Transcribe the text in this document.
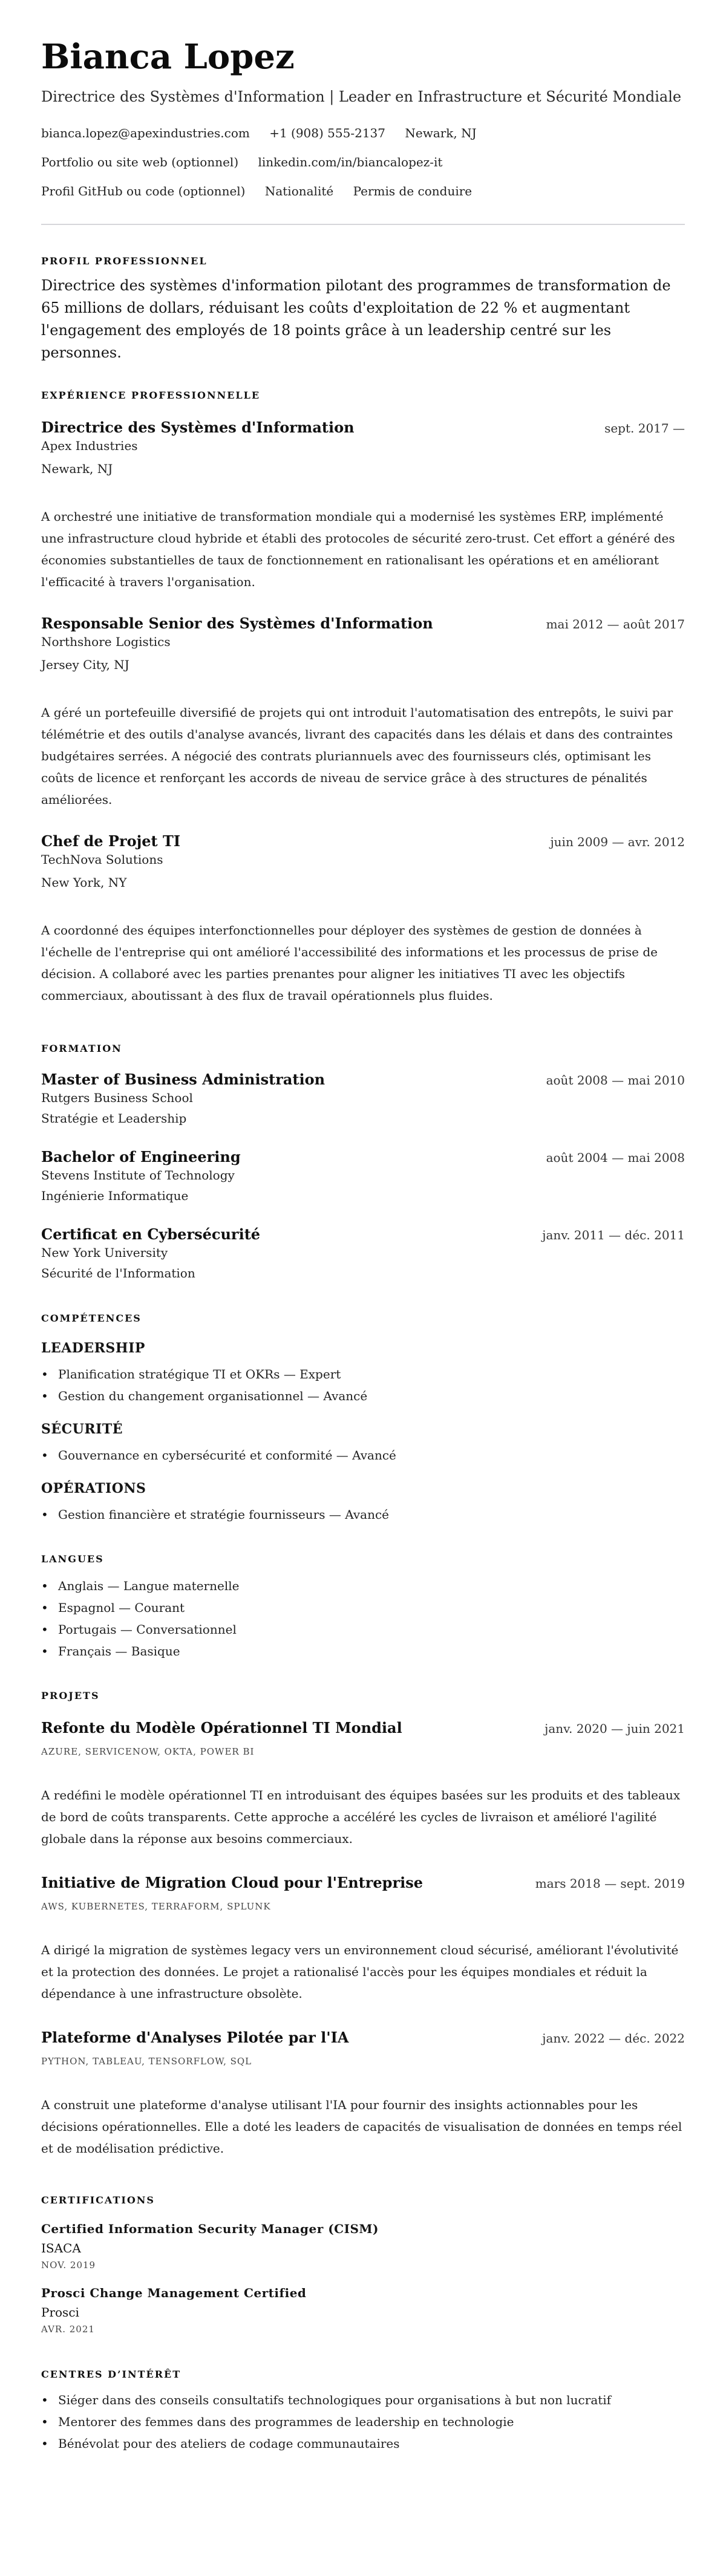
Bianca Lopez
Directrice des Systèmes d'Information | Leader en Infrastructure et Sécurité Mondiale
bianca.lopez@apexindustries.com +1 (908) 555-2137 Newark, NJ
Portfolio ou site web (optionnel) linkedin.com/in/biancalopez-it
Profil GitHub ou code (optionnel) Nationalité Permis de conduire
PROFIL PROFESSIONNEL

Directrice des systèmes d'information pilotant des programmes de transformation de 65 millions de dollars, réduisant les coûts d'exploitation de 22 % et augmentant l'engagement des employés de 18 points grâce à un leadership centré sur les personnes.

EXPÉRIENCE PROFESSIONNELLE
Directrice des Systèmes d'Information	sept. 2017 —
Apex Industries
Newark, NJ
A orchestré une initiative de transformation mondiale qui a modernisé les systèmes ERP, implémenté une infrastructure cloud hybride et établi des protocoles de sécurité zero-trust. Cet effort a généré des économies substantielles de taux de fonctionnement en rationalisant les opérations et en améliorant l'efficacité à travers l'organisation.
Responsable Senior des Systèmes d'Information	mai 2012 — août 2017
Northshore Logistics
Jersey City, NJ
A géré un portefeuille diversifié de projets qui ont introduit l'automatisation des entrepôts, le suivi par télémétrie et des outils d'analyse avancés, livrant des capacités dans les délais et dans des contraintes budgétaires serrées. A négocié des contrats pluriannuels avec des fournisseurs clés, optimisant les coûts de licence et renforçant les accords de niveau de service grâce à des structures de pénalités améliorées.
Chef de Projet TI	juin 2009 — avr. 2012
TechNova Solutions
New York, NY
A coordonné des équipes interfonctionnelles pour déployer des systèmes de gestion de données à l'échelle de l'entreprise qui ont amélioré l'accessibilité des informations et les processus de prise de décision. A collaboré avec les parties prenantes pour aligner les initiatives TI avec les objectifs commerciaux, aboutissant à des flux de travail opérationnels plus fluides.
FORMATION
Master of Business Administration	août 2008 — mai 2010
Rutgers Business School
Stratégie et Leadership
Bachelor of Engineering	août 2004 — mai 2008
Stevens Institute of Technology
Ingénierie Informatique
Certificat en Cybersécurité	janv. 2011 — déc. 2011
New York University
Sécurité de l'Information
COMPÉTENCES
LEADERSHIP
• Planification stratégique TI et OKRs — Expert
• Gestion du changement organisationnel — Avancé
SÉCURITÉ
• Gouvernance en cybersécurité et conformité — Avancé
OPÉRATIONS
• Gestion financière et stratégie fournisseurs — Avancé
LANGUES
• Anglais — Langue maternelle
• Espagnol — Courant
• Portugais — Conversationnel
• Français — Basique
PROJETS
Refonte du Modèle Opérationnel TI Mondial	janv. 2020 — juin 2021
AZURE, SERVICENOW, OKTA, POWER BI
A redéfini le modèle opérationnel TI en introduisant des équipes basées sur les produits et des tableaux de bord de coûts transparents. Cette approche a accéléré les cycles de livraison et amélioré l'agilité globale dans la réponse aux besoins commerciaux.
Initiative de Migration Cloud pour l'Entreprise	mars 2018 — sept. 2019
AWS, KUBERNETES, TERRAFORM, SPLUNK
A dirigé la migration de systèmes legacy vers un environnement cloud sécurisé, améliorant l'évolutivité et la protection des données. Le projet a rationalisé l'accès pour les équipes mondiales et réduit la dépendance à une infrastructure obsolète.
Plateforme d'Analyses Pilotée par l'IA	janv. 2022 — déc. 2022
PYTHON, TABLEAU, TENSORFLOW, SQL
A construit une plateforme d'analyse utilisant l'IA pour fournir des insights actionnables pour les décisions opérationnelles. Elle a doté les leaders de capacités de visualisation de données en temps réel et de modélisation prédictive.
CERTIFICATIONS
Certified Information Security Manager (CISM)
ISACA
NOV. 2019
Prosci Change Management Certified
Prosci
AVR. 2021
CENTRES D’INTÉRÊT
• Siéger dans des conseils consultatifs technologiques pour organisations à but non lucratif
• Mentorer des femmes dans des programmes de leadership en technologie
• Bénévolat pour des ateliers de codage communautaires
